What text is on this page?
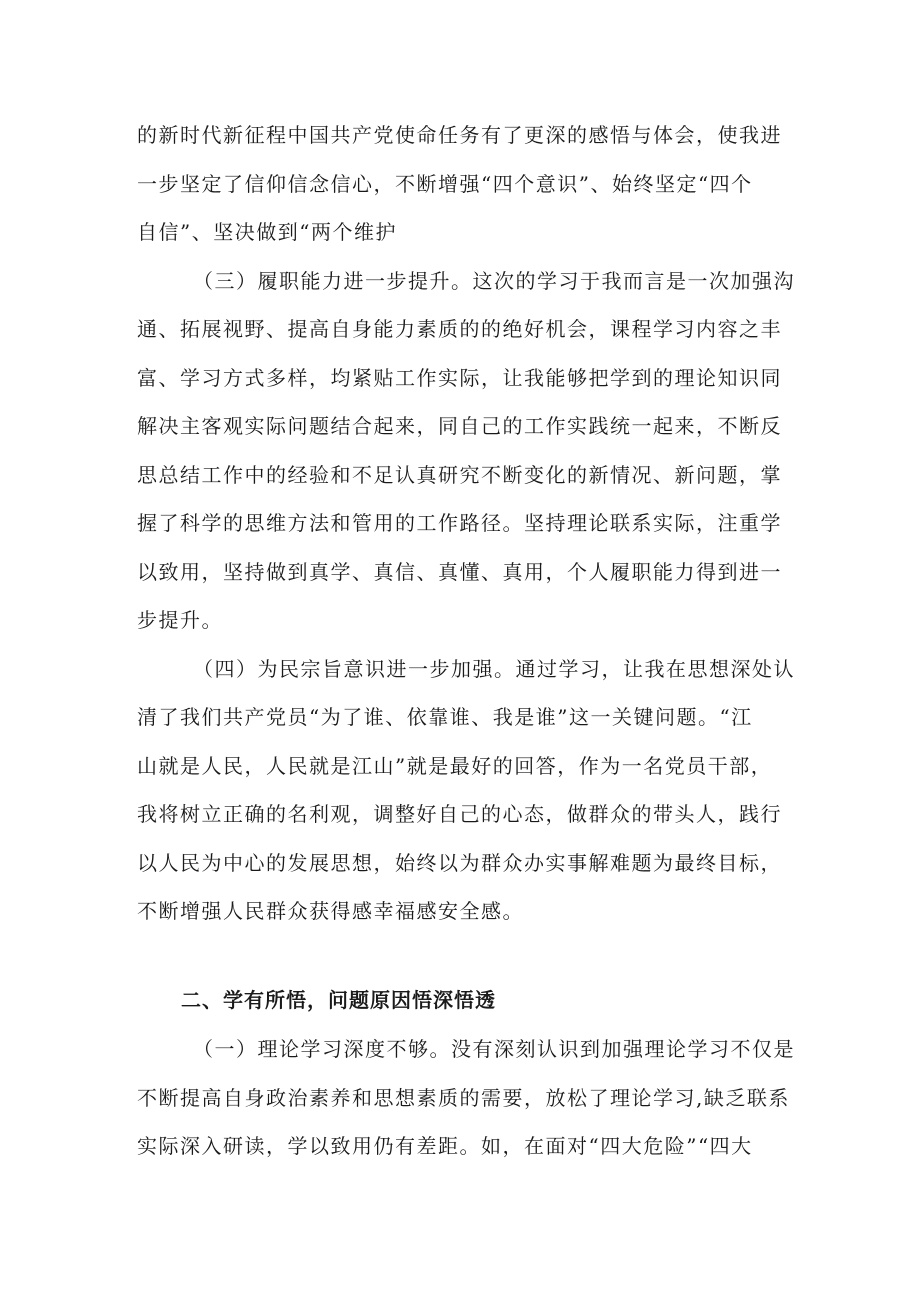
的新时代新征程中国共产党使命任务有了更深的感悟与体会，使我进
一步坚定了信仰信念信心，不断增强“四个意识”、始终坚定“四个
自信”、坚决做到“两个维护
（三）履职能力进一步提升。这次的学习于我而言是一次加强沟
通、拓展视野、提高自身能力素质的的绝好机会，课程学习内容之丰
富、学习方式多样，均紧贴工作实际，让我能够把学到的理论知识同
解决主客观实际问题结合起来，同自己的工作实践统一起来，不断反
思总结工作中的经验和不足认真研究不断变化的新情况、新问题，掌
握了科学的思维方法和管用的工作路径。坚持理论联系实际，注重学
以致用，坚持做到真学、真信、真懂、真用，个人履职能力得到进一
步提升。
（四）为民宗旨意识进一步加强。通过学习，让我在思想深处认
清了我们共产党员“为了谁、依靠谁、我是谁”这一关键问题。“江
山就是人民，人民就是江山”就是最好的回答，作为一名党员干部，
我将树立正确的名利观，调整好自己的心态，做群众的带头人，践行
以人民为中心的发展思想，始终以为群众办实事解难题为最终目标，
不断增强人民群众获得感幸福感安全感。
二、学有所悟，问题原因悟深悟透
（一）理论学习深度不够。没有深刻认识到加强理论学习不仅是
不断提高自身政治素养和思想素质的需要，放松了理论学习,缺乏联系
实际深入研读，学以致用仍有差距。如，在面对“四大危险”“四大
